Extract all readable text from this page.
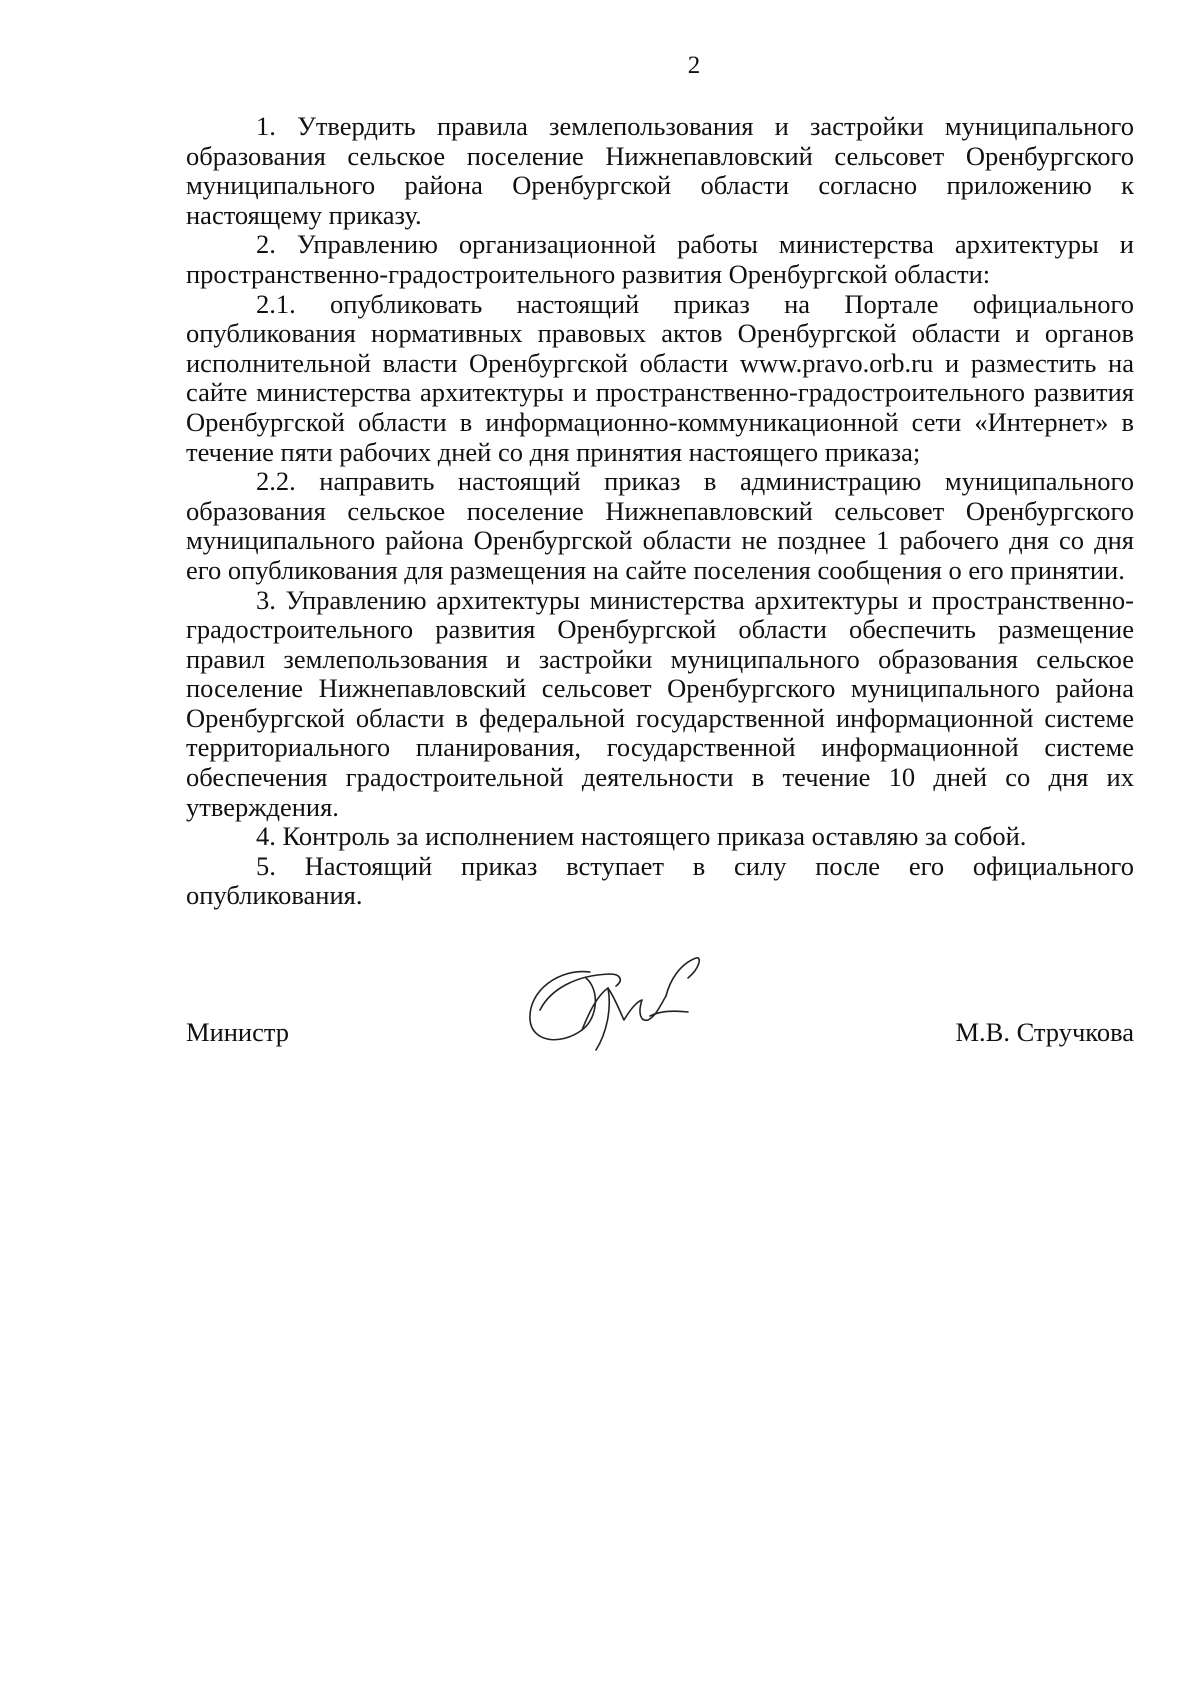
2

1. Утвердить правила землепользования и застройки муниципального образования сельское поселение Нижнепавловский сельсовет Оренбургского муниципального района Оренбургской области согласно приложению к настоящему приказу.

2. Управлению организационной работы министерства архитектуры и пространственно-градостроительного развития Оренбургской области:

2.1. опубликовать настоящий приказ на Портале официального опубликования нормативных правовых актов Оренбургской области и органов исполнительной власти Оренбургской области www.pravo.orb.ru и разместить на сайте министерства архитектуры и пространственно-градостроительного развития Оренбургской области в информационно-коммуникационной сети «Интернет» в течение пяти рабочих дней со дня принятия настоящего приказа;

2.2. направить настоящий приказ в администрацию муниципального образования сельское поселение Нижнепавловский сельсовет Оренбургского муниципального района Оренбургской области не позднее 1 рабочего дня со дня его опубликования для размещения на сайте поселения сообщения о его принятии.

3. Управлению архитектуры министерства архитектуры и пространственно-градостроительного развития Оренбургской области обеспечить размещение правил землепользования и застройки муниципального образования сельское поселение Нижнепавловский сельсовет Оренбургского муниципального района Оренбургской области в федеральной государственной информационной системе территориального планирования, государственной информационной системе обеспечения градостроительной деятельности в течение 10 дней со дня их утверждения.

4. Контроль за исполнением настоящего приказа оставляю за собой.

5. Настоящий приказ вступает в силу после его официального опубликования.

Министр	М.В. Стручкова
